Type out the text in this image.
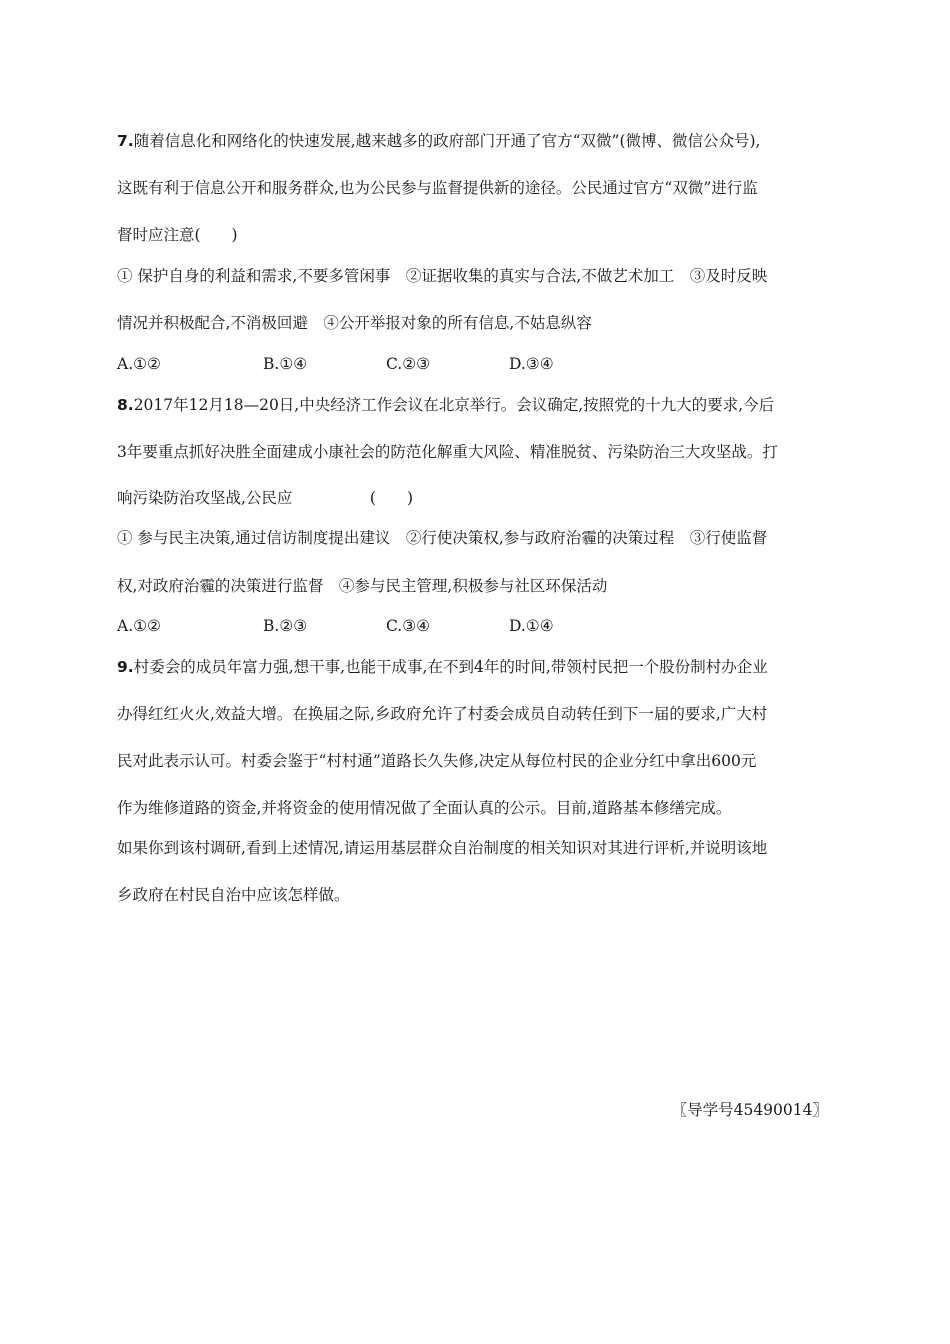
7.随着信息化和网络化的快速发展,越来越多的政府部门开通了官方“双微”(微博、微信公众号),
这既有利于信息公开和服务群众,也为公民参与监督提供新的途径。公民通过官方“双微”进行监
督时应注意(　　)
① 保护自身的利益和需求,不要多管闲事　②证据收集的真实与合法,不做艺术加工　③及时反映
情况并积极配合,不消极回避　④公开举报对象的所有信息,不姑息纵容
A.①②	B.①④	C.②③	D.③④
8.2017年12月18—20日,中央经济工作会议在北京举行。会议确定,按照党的十九大的要求,今后
3年要重点抓好决胜全面建成小康社会的防范化解重大风险、精准脱贫、污染防治三大攻坚战。打
响污染防治攻坚战,公民应　　　　　(　　)
① 参与民主决策,通过信访制度提出建议　②行使决策权,参与政府治霾的决策过程　③行使监督
权,对政府治霾的决策进行监督　④参与民主管理,积极参与社区环保活动
A.①②	B.②③	C.③④	D.①④
9.村委会的成员年富力强,想干事,也能干成事,在不到4年的时间,带领村民把一个股份制村办企业
办得红红火火,效益大增。在换届之际,乡政府允许了村委会成员自动转任到下一届的要求,广大村
民对此表示认可。村委会鉴于“村村通”道路长久失修,决定从每位村民的企业分红中拿出600元
作为维修道路的资金,并将资金的使用情况做了全面认真的公示。目前,道路基本修缮完成。
如果你到该村调研,看到上述情况,请运用基层群众自治制度的相关知识对其进行评析,并说明该地
乡政府在村民自治中应该怎样做。
〖导学号45490014〗
